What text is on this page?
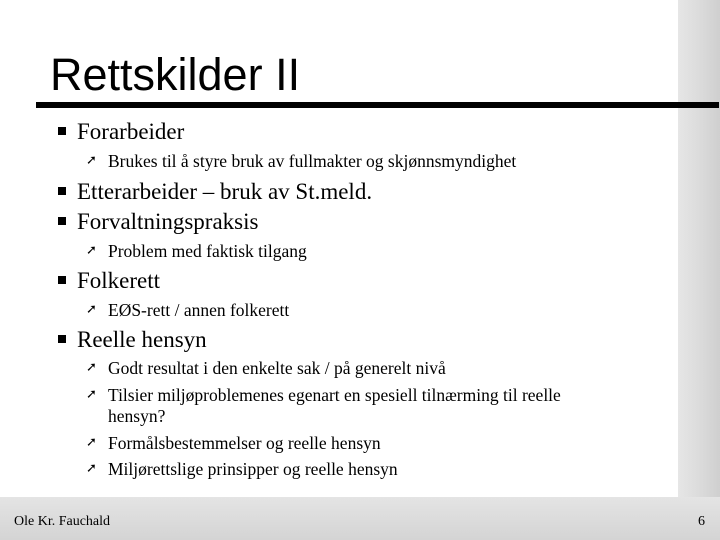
Rettskilder II
Forarbeider
➚ Brukes til å styre bruk av fullmakter og skjønnsmyndighet
Etterarbeider – bruk av St.meld.
Forvaltningspraksis
➚ Problem med faktisk tilgang
Folkerett
➚ EØS-rett / annen folkerett
Reelle hensyn
➚ Godt resultat i den enkelte sak / på generelt nivå
➚ Tilsier miljøproblemenes egenart en spesiell tilnærming til reelle
hensyn?
➚ Formålsbestemmelser og reelle hensyn
➚ Miljørettslige prinsipper og reelle hensyn
Ole Kr. Fauchald	6
